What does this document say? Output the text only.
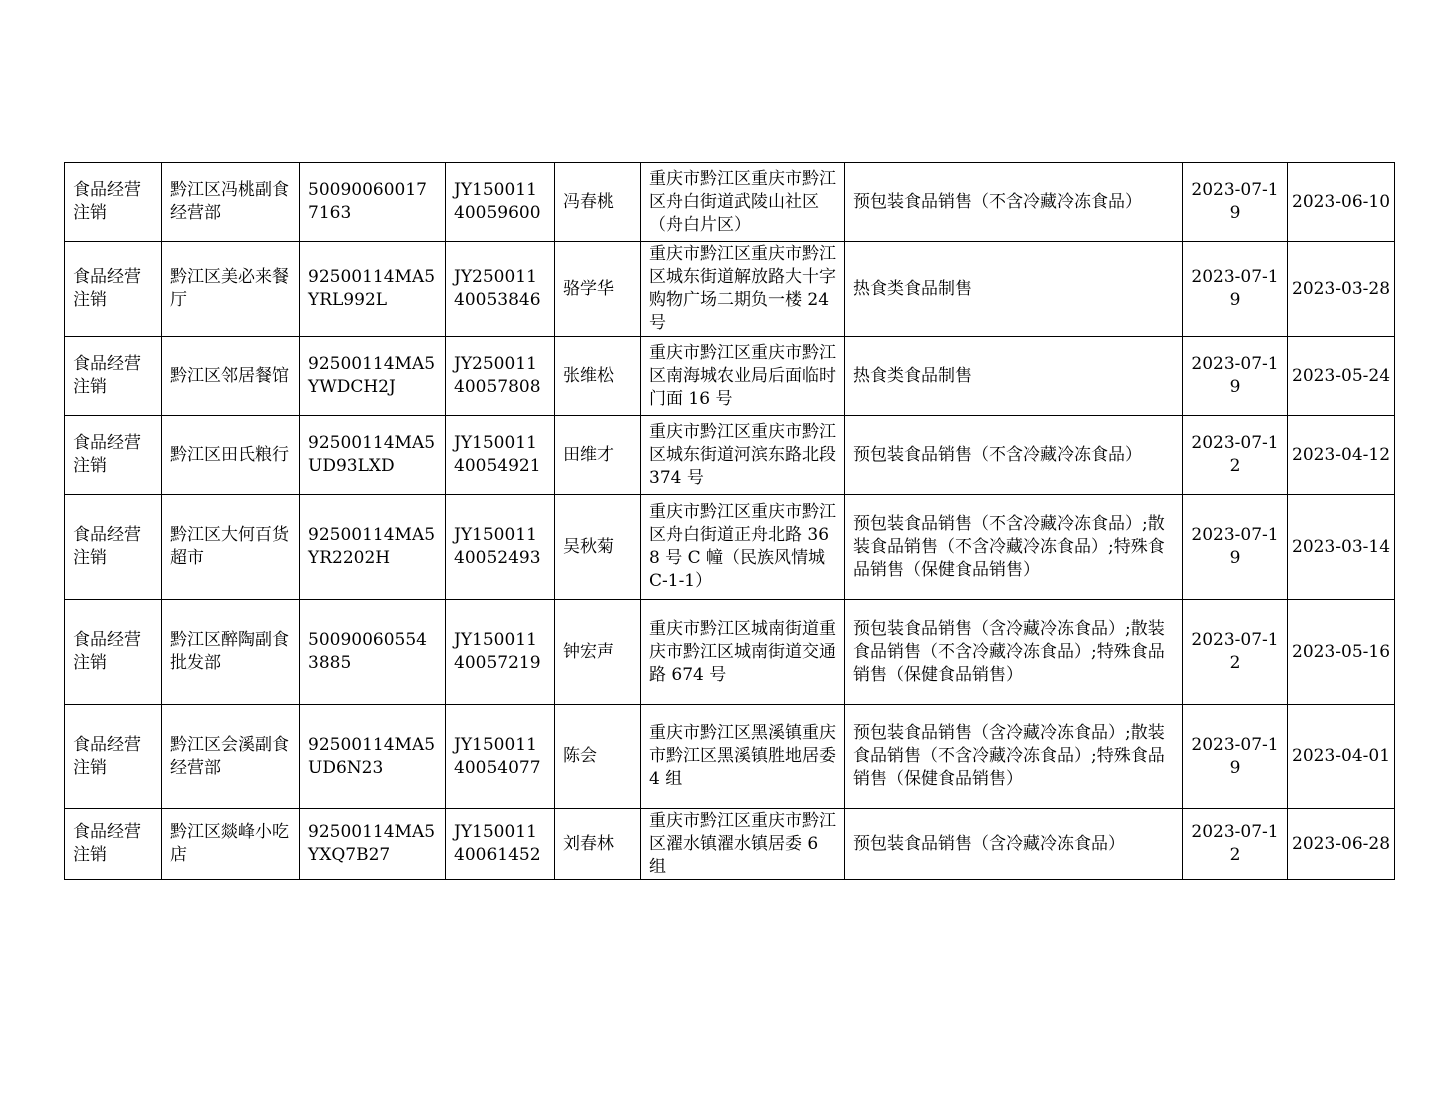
食品经营注销	黔江区冯桃副食经营部	500900600177163	JY15001140059600	冯春桃	重庆市黔江区重庆市黔江区舟白街道武陵山社区（舟白片区）	预包装食品销售（不含冷藏冷冻食品）	2023-07-19	2023-06-10
食品经营注销	黔江区美必来餐厅	92500114MA5YRL992L	JY25001140053846	骆学华	重庆市黔江区重庆市黔江区城东街道解放路大十字购物广场二期负一楼 24 号	热食类食品制售	2023-07-19	2023-03-28
食品经营注销	黔江区邻居餐馆	92500114MA5YWDCH2J	JY25001140057808	张维松	重庆市黔江区重庆市黔江区南海城农业局后面临时门面 16 号	热食类食品制售	2023-07-19	2023-05-24
食品经营注销	黔江区田氏粮行	92500114MA5UD93LXD	JY15001140054921	田维才	重庆市黔江区重庆市黔江区城东街道河滨东路北段 374 号	预包装食品销售（不含冷藏冷冻食品）	2023-07-12	2023-04-12
食品经营注销	黔江区大何百货超市	92500114MA5YR2202H	JY15001140052493	吴秋菊	重庆市黔江区重庆市黔江区舟白街道正舟北路 368 号 C 幢（民族风情城 C-1-1）	预包装食品销售（不含冷藏冷冻食品）;散装食品销售（不含冷藏冷冻食品）;特殊食品销售（保健食品销售）	2023-07-19	2023-03-14
食品经营注销	黔江区醉陶副食批发部	500900605543885	JY15001140057219	钟宏声	重庆市黔江区城南街道重庆市黔江区城南街道交通路 674 号	预包装食品销售（含冷藏冷冻食品）;散装食品销售（不含冷藏冷冻食品）;特殊食品销售（保健食品销售）	2023-07-12	2023-05-16
食品经营注销	黔江区会溪副食经营部	92500114MA5UD6N23	JY15001140054077	陈会	重庆市黔江区黑溪镇重庆市黔江区黑溪镇胜地居委 4 组	预包装食品销售（含冷藏冷冻食品）;散装食品销售（不含冷藏冷冻食品）;特殊食品销售（保健食品销售）	2023-07-19	2023-04-01
食品经营注销	黔江区燚峰小吃店	92500114MA5YXQ7B27	JY15001140061452	刘春林	重庆市黔江区重庆市黔江区濯水镇濯水镇居委 6 组	预包装食品销售（含冷藏冷冻食品）	2023-07-12	2023-06-28
